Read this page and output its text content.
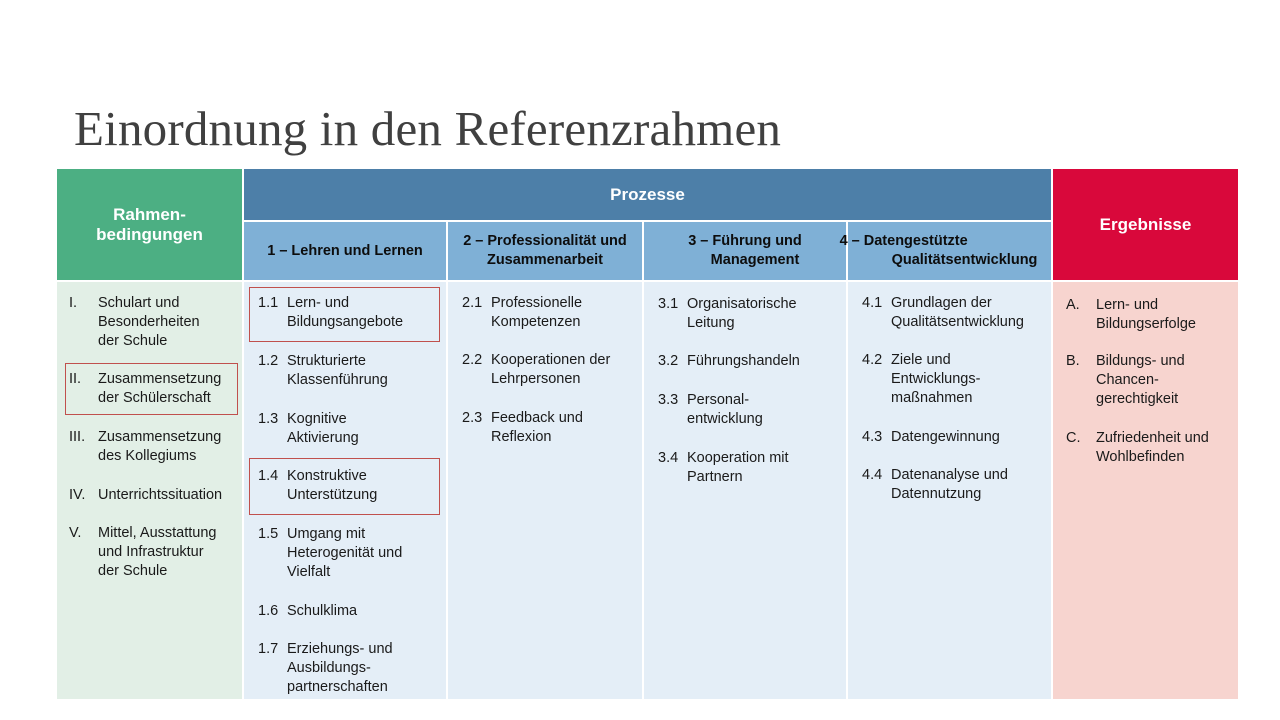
Einordnung in den Referenzrahmen
Rahmen-
bedingungen
Prozesse
Ergebnisse
1 – Lehren und Lernen
2 – Professionalität und
Zusammenarbeit
3 – Führung und
Management
4 – Datengestützte
Qualitätsentwicklung
I. Schulart und
Besonderheiten
der Schule
II. Zusammensetzung
der Schülerschaft
III. Zusammensetzung
des Kollegiums
IV. Unterrichtssituation
V. Mittel, Ausstattung
und Infrastruktur
der Schule
1.1 Lern- und
Bildungsangebote
1.2 Strukturierte
Klassenführung
1.3 Kognitive
Aktivierung
1.4 Konstruktive
Unterstützung
1.5 Umgang mit
Heterogenität und
Vielfalt
1.6 Schulklima
1.7 Erziehungs- und
Ausbildungs-
partnerschaften
2.1 Professionelle
Kompetenzen
2.2 Kooperationen der
Lehrpersonen
2.3 Feedback und
Reflexion
3.1 Organisatorische
Leitung
3.2 Führungshandeln
3.3 Personal-
entwicklung
3.4 Kooperation mit
Partnern
4.1 Grundlagen der
Qualitätsentwicklung
4.2 Ziele und
Entwicklungs-
maßnahmen
4.3 Datengewinnung
4.4 Datenanalyse und
Datennutzung
A. Lern- und
Bildungserfolge
B. Bildungs- und
Chancen-
gerechtigkeit
C. Zufriedenheit und
Wohlbefinden
